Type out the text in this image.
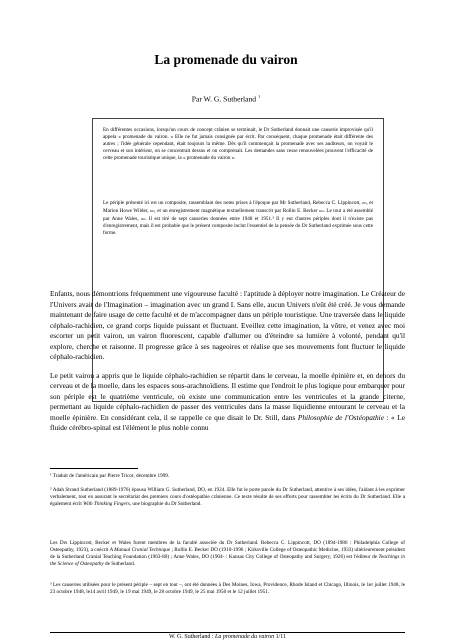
La promenade du vairon
Par W. G. Sutherland $^1$
En différentes occasions, lorsqu'un cours de concept crânien se terminait, le Dr Sutherland donnait une causerie improvisée qu'il appela « promenade du vairon. » Elle ne fut jamais consignée par écrit. Par conséquent, chaque promenade était différente des autres ; l'idée générale cependant, était toujours la même. Dès qu'il commençait la promenade avec ses auditeurs, on voyait le cerveau et son intérieur, on se concentrait dessus et on comprenait. Les demandes sans cesse renouvelées prouvent l'efficacité de cette promenade touristique unique, la « promenade du vairon ».
Le périple présenté ici est un composite, rassemblant des notes prises à l'époque par Mr Sutherland, Rebecca C. Lippincott, do, et Marion Howe Wilder, do, et un enregistrement magnétique textuellement transcrit par Rollin E. Becker do. Le tout a été assemblé par Anne Wales, do. Il est tiré de sept causeries données entre 1948 et 1951.³ Il y eut d'autres périples dont il n'existe pas d'enregistrement, mais il est probable que le présent composite inclut l'essentiel de la pensée du Dr Sutherland exprimée sous cette forme.

Enfants, nous démontrions fréquemment une vigoureuse faculté : l'aptitude à déployer notre imagination. Le Créateur de l'Univers avait de l'Imagination – imagination avec un grand I. Sans elle, aucun Univers n'eût été créé. Je vous demande maintenant de faire usage de cette faculté et de m'accompagner dans un périple touristique. Une traversée dans le liquide céphalo-rachidien, ce grand corps liquide puissant et fluctuant. Eveillez cette imagination, la vôtre, et venez avec moi escorter un petit vairon, un vairon fluorescent, capable d'allumer ou d'éteindre sa lumière à volonté, pendant qu'il explore, cherche et raisonne. Il progresse grâce à ses nageoires et réalise que ses mouvements font fluctuer le liquide céphalo-rachidien.

Le petit vairon a appris que le liquide céphalo-rachidien se répartit dans le cerveau, la moelle épinière et, en dehors du cerveau et de la moelle, dans les espaces sous-arachnoïdiens. Il estime que l'endroit le plus logique pour embarquer pour son périple est le quatrième ventricule, où existe une communication entre les ventricules et la grande citerne, permettant au liquide céphalo-rachidien de passer des ventricules dans la masse liquidienne entourant le cerveau et la moelle épinière. En considérant cela, il se rappelle ce que disait le Dr. Still, dans Philosophie de l'Ostéopathie : « Le fluide cérébro-spinal est l'élément le plus noble connu

¹ Traduit de l'américain par Pierre Tricot, décembre 1999.
² Adah Strand Sutherland (1889-1976) épousa William G. Sutherland, DO, en 1924. Elle fut le porte parole du Dr Sutherland, attentive à ses idées, l'aidant à les exprimer verbalement, tout en assurant le secrétariat des premiers cours d'ostéopathie crânienne. Ce texte résulte de ses efforts pour rassembler les écrits du Dr Sutherland. Elle a également écrit With Thinking Fingers, une biographie du Dr Sutherland.
Les Drs Lippincott, Becker et Wales furent membres de la faculté associée du Dr Sutherland. Rebecca C. Lippincott, DO (1894-1986 : Philadelphia College of Osteopathy, 1923), a coécrit A Manual Cranial Technique ; Rollin E. Becker DO (1910-1996 ; Kirksville College of Osteopathic Medicine, 1933) ultérieurement président de la Sutherland Cranial Teaching Foundation (1963-80) ; Anne Wales, DO (1904- : Kansas City College of Osteopathy and Surgery, 1926) est l'éditeur de Teachings in the Science of Osteopathy de Sutherland.
³ Les causeries utilisées pour le présent périple – sept en tout –, ont été données à Des Moines, Iowa, Providence, Rhode Island et Chicago, Illinois, le 1er juillet 1948, le 23 octobre 1948, le14 avril 1949, le 19 mai 1949, le 28 octobre 1949, le 25 mai 1950 et le 12 juillet 1951.
W. G. Sutherland : La promenade du vairon 1/11
